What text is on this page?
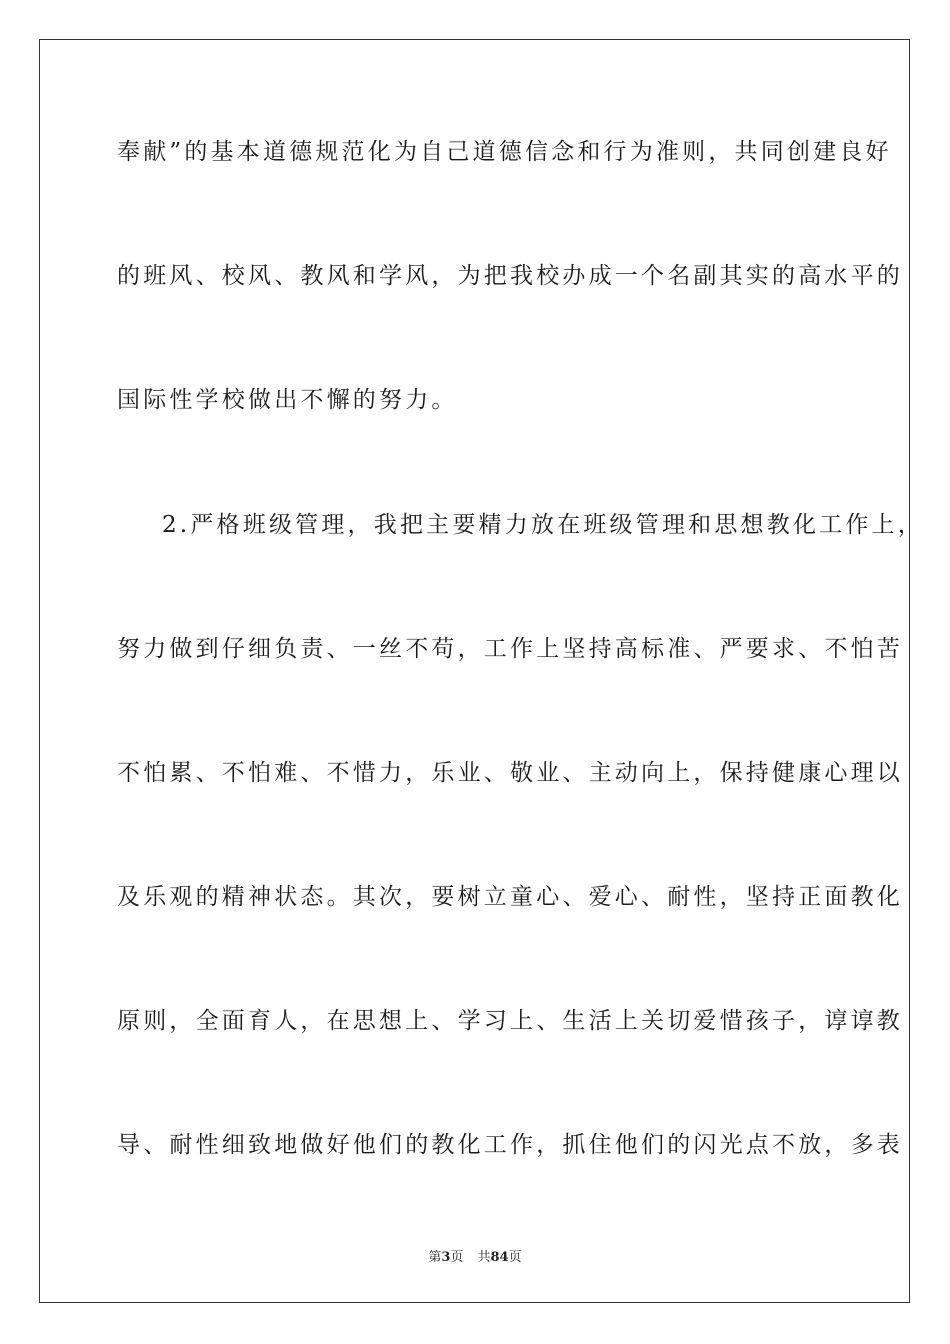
奉献”的基本道德规范化为自己道德信念和行为准则，共同创建良好
的班风、校风、教风和学风，为把我校办成一个名副其实的高水平的
国际性学校做出不懈的努力。
2.严格班级管理，我把主要精力放在班级管理和思想教化工作上，
努力做到仔细负责、一丝不苟，工作上坚持高标准、严要求、不怕苦
不怕累、不怕难、不惜力，乐业、敬业、主动向上，保持健康心理以
及乐观的精神状态。其次，要树立童心、爱心、耐性，坚持正面教化
原则，全面育人，在思想上、学习上、生活上关切爱惜孩子，谆谆教
导、耐性细致地做好他们的教化工作，抓住他们的闪光点不放，多表
第3页 共84页
